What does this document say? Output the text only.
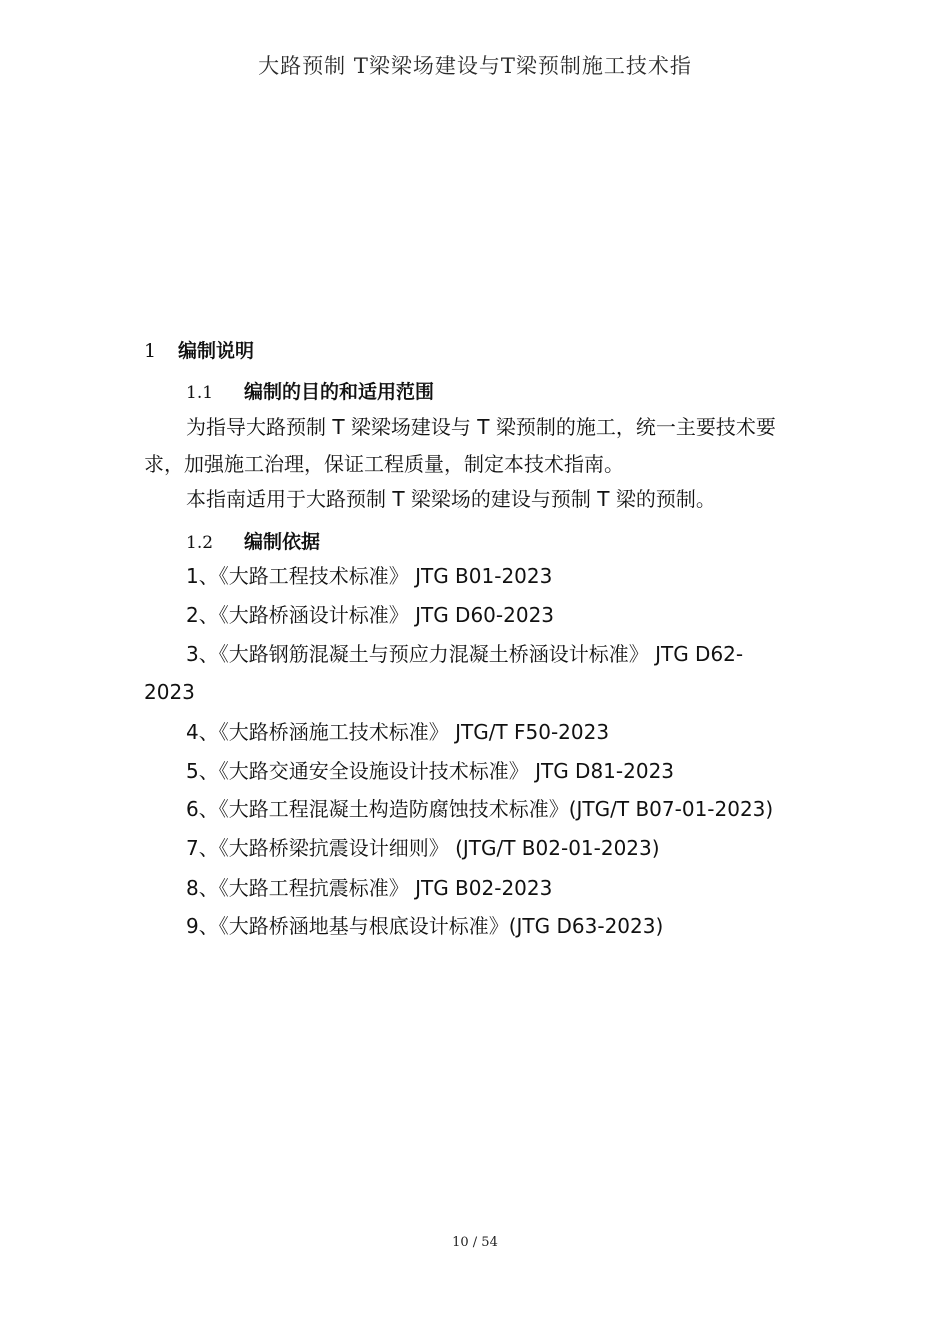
大路预制 T梁梁场建设与T梁预制施工技术指
1 编制说明
1.1 编制的目的和适用范围
为指导大路预制 T 梁梁场建设与 T 梁预制的施工，统一主要技术要
求，加强施工治理，保证工程质量，制定本技术指南。
本指南适用于大路预制 T 梁梁场的建设与预制 T 梁的预制。
1.2 编制依据
1、《大路工程技术标准》 JTG B01-2023
2、《大路桥涵设计标准》 JTG D60-2023
3、《大路钢筋混凝土与预应力混凝土桥涵设计标准》 JTG D62-
2023
4、《大路桥涵施工技术标准》 JTG/T F50-2023
5、《大路交通安全设施设计技术标准》 JTG D81-2023
6、《大路工程混凝土构造防腐蚀技术标准》(JTG/T B07-01-2023)
7、《大路桥梁抗震设计细则》 (JTG/T B02-01-2023)
8、《大路工程抗震标准》 JTG B02-2023
9、《大路桥涵地基与根底设计标准》(JTG D63-2023)
10 / 54
